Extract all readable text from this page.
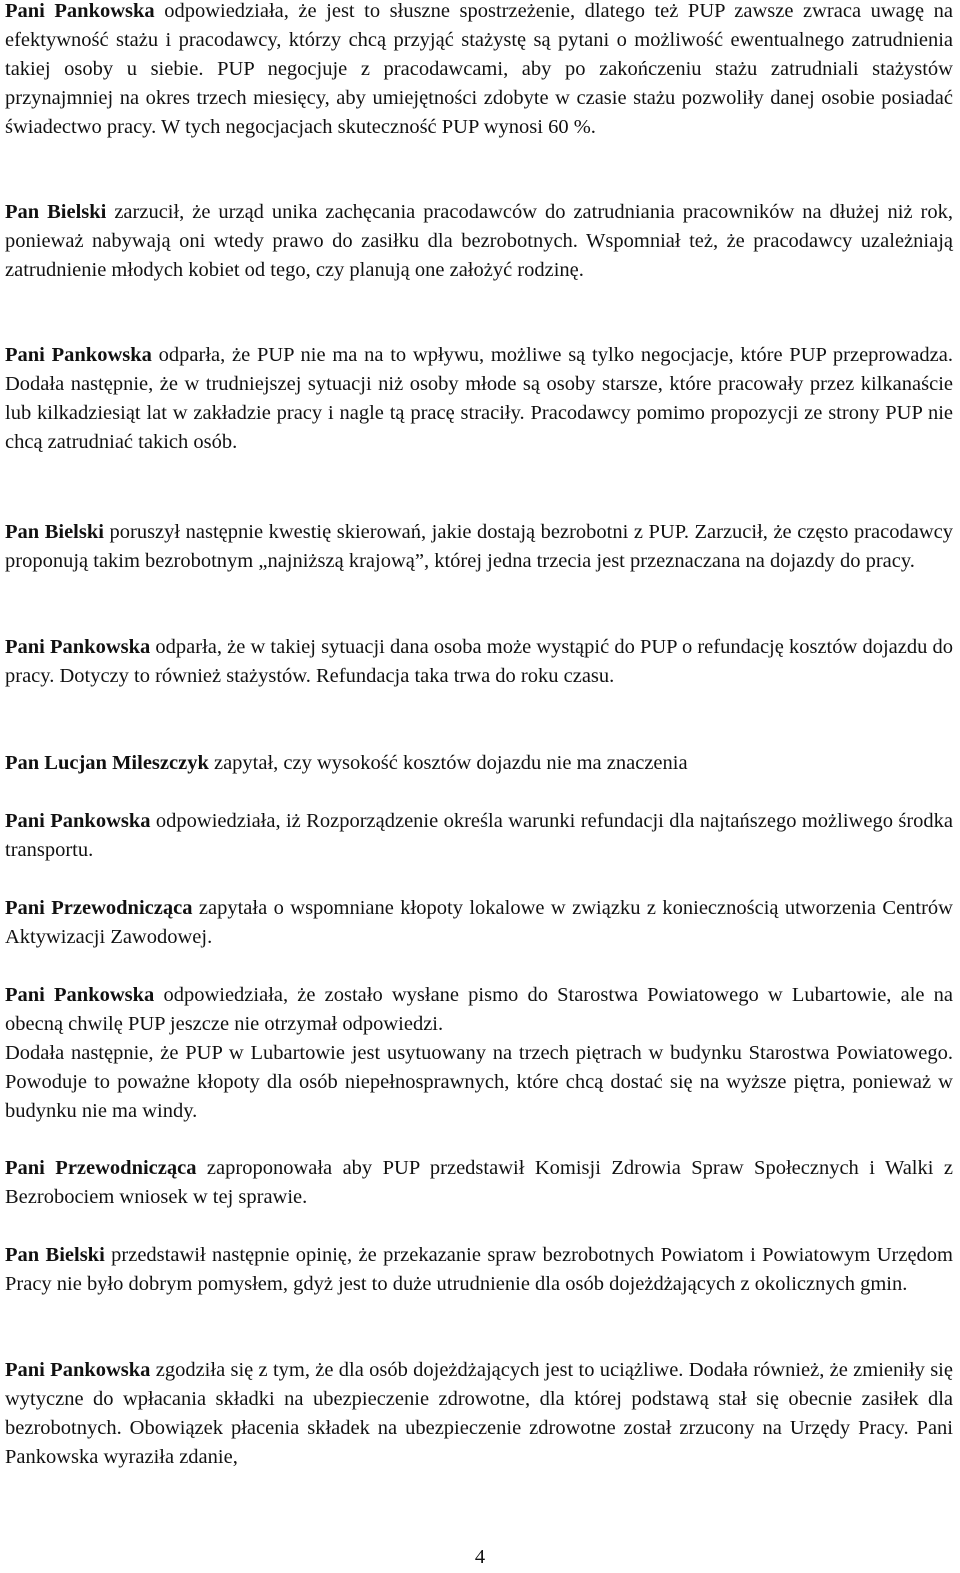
Pani Pankowska odpowiedziała, że jest to słuszne spostrzeżenie, dlatego też PUP zawsze zwraca uwagę na efektywność stażu i pracodawcy, którzy chcą przyjąć stażystę są pytani o możliwość ewentualnego zatrudnienia takiej osoby u siebie. PUP negocjuje z pracodawcami, aby po zakończeniu stażu zatrudniali stażystów przynajmniej na okres trzech miesięcy, aby umiejętności zdobyte w czasie stażu pozwoliły danej osobie posiadać świadectwo pracy. W tych negocjacjach skuteczność PUP wynosi 60 %.

Pan Bielski zarzucił, że urząd unika zachęcania pracodawców do zatrudniania pracowników na dłużej niż rok, ponieważ nabywają oni wtedy prawo do zasiłku dla bezrobotnych. Wspomniał też, że pracodawcy uzależniają zatrudnienie młodych kobiet od tego, czy planują one założyć rodzinę.

Pani Pankowska odparła, że PUP nie ma na to wpływu, możliwe są tylko negocjacje, które PUP przeprowadza. Dodała następnie, że w trudniejszej sytuacji niż osoby młode są osoby starsze, które pracowały przez kilkanaście lub kilkadziesiąt lat w zakładzie pracy i nagle tą pracę straciły. Pracodawcy pomimo propozycji ze strony PUP nie chcą zatrudniać takich osób.

Pan Bielski poruszył następnie kwestię skierowań, jakie dostają bezrobotni z PUP. Zarzucił, że często pracodawcy proponują takim bezrobotnym „najniższą krajową”, której jedna trzecia jest przeznaczana na dojazdy do pracy.

Pani Pankowska odparła, że w takiej sytuacji dana osoba może wystąpić do PUP o refundację kosztów dojazdu do pracy. Dotyczy to również stażystów. Refundacja taka trwa do roku czasu.

Pan Lucjan Mileszczyk zapytał, czy wysokość kosztów dojazdu nie ma znaczenia

Pani Pankowska odpowiedziała, iż Rozporządzenie określa warunki refundacji dla najtańszego możliwego środka transportu.

Pani Przewodnicząca zapytała o wspomniane kłopoty lokalowe w związku z koniecznością utworzenia Centrów Aktywizacji Zawodowej.

Pani Pankowska odpowiedziała, że zostało wysłane pismo do Starostwa Powiatowego w Lubartowie, ale na obecną chwilę PUP jeszcze nie otrzymał odpowiedzi.

Dodała następnie, że PUP w Lubartowie jest usytuowany na trzech piętrach w budynku Starostwa Powiatowego. Powoduje to poważne kłopoty dla osób niepełnosprawnych, które chcą dostać się na wyższe piętra, ponieważ w budynku nie ma windy.

Pani Przewodnicząca zaproponowała aby PUP przedstawił Komisji Zdrowia Spraw Społecznych i Walki z Bezrobociem wniosek w tej sprawie.

Pan Bielski przedstawił następnie opinię, że przekazanie spraw bezrobotnych Powiatom i Powiatowym Urzędom Pracy nie było dobrym pomysłem, gdyż jest to duże utrudnienie dla osób dojeżdżających z okolicznych gmin.

Pani Pankowska zgodziła się z tym, że dla osób dojeżdżających jest to uciążliwe. Dodała również, że zmieniły się wytyczne do wpłacania składki na ubezpieczenie zdrowotne, dla której podstawą stał się obecnie zasiłek dla bezrobotnych. Obowiązek płacenia składek na ubezpieczenie zdrowotne został zrzucony na Urzędy Pracy. Pani Pankowska wyraziła zdanie,

4
